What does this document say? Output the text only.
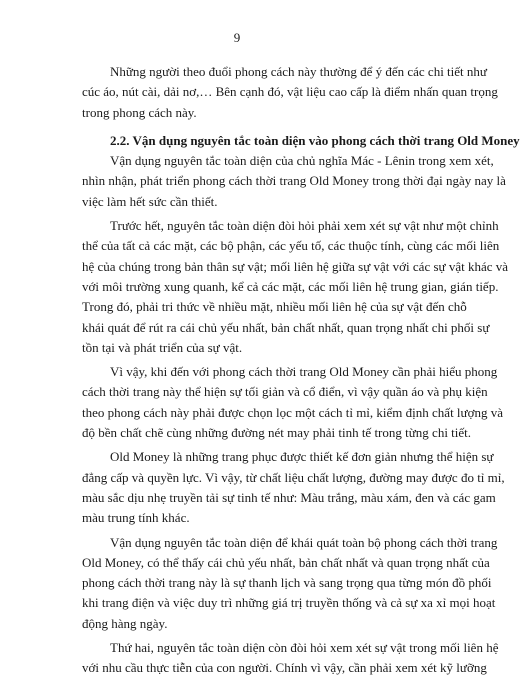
9
Những người theo đuổi phong cách này thường để ý đến các chi tiết như
cúc áo, nút cài, dải nơ,… Bên cạnh đó, vật liệu cao cấp là điểm nhấn quan trọng
trong phong cách này.
2.2. Vận dụng nguyên tắc toàn diện vào phong cách thời trang Old Money
Vận dụng nguyên tắc toàn diện của chủ nghĩa Mác - Lênin trong xem xét,
nhìn nhận, phát triển phong cách thời trang Old Money trong thời đại ngày nay là
việc làm hết sức cần thiết.
Trước hết, nguyên tắc toàn diện đòi hỏi phải xem xét sự vật như một chỉnh
thể của tất cả các mặt, các bộ phận, các yếu tố, các thuộc tính, cùng các mối liên
hệ của chúng trong bản thân sự vật; mối liên hệ giữa sự vật với các sự vật khác và
với môi trường xung quanh, kể cả các mặt, các mối liên hệ trung gian, gián tiếp.
Trong đó, phải tri thức về nhiều mặt, nhiều mối liên hệ của sự vật đến chỗ
khái quát để rút ra cái chủ yếu nhất, bản chất nhất, quan trọng nhất chi phối sự
tồn tại và phát triển của sự vật.
Vì vậy, khi đến với phong cách thời trang Old Money cần phải hiểu phong
cách thời trang này thể hiện sự tối giản và cổ điển, vì vậy quần áo và phụ kiện
theo phong cách này phải được chọn lọc một cách tỉ mỉ, kiểm định chất lượng và
độ bền chất chẽ cùng những đường nét may phải tinh tế trong từng chi tiết.
Old Money là những trang phục được thiết kế đơn giản nhưng thể hiện sự
đẳng cấp và quyền lực. Vì vậy, từ chất liệu chất lượng, đường may được đo tỉ mỉ,
màu sắc dịu nhẹ truyền tải sự tinh tế như: Màu trắng, màu xám, đen và các gam
màu trung tính khác.
Vận dụng nguyên tắc toàn diện để khái quát toàn bộ phong cách thời trang
Old Money, có thể thấy cái chủ yếu nhất, bản chất nhất và quan trọng nhất của
phong cách thời trang này là sự thanh lịch và sang trọng qua từng món đồ phối
khi trang điện và việc duy trì những giá trị truyền thống và cả sự xa xỉ mọi hoạt
động hàng ngày.
Thứ hai, nguyên tắc toàn diện còn đòi hỏi xem xét sự vật trong mối liên hệ
với nhu cầu thực tiễn của con người. Chính vì vậy, cần phải xem xét kỹ lưỡng
